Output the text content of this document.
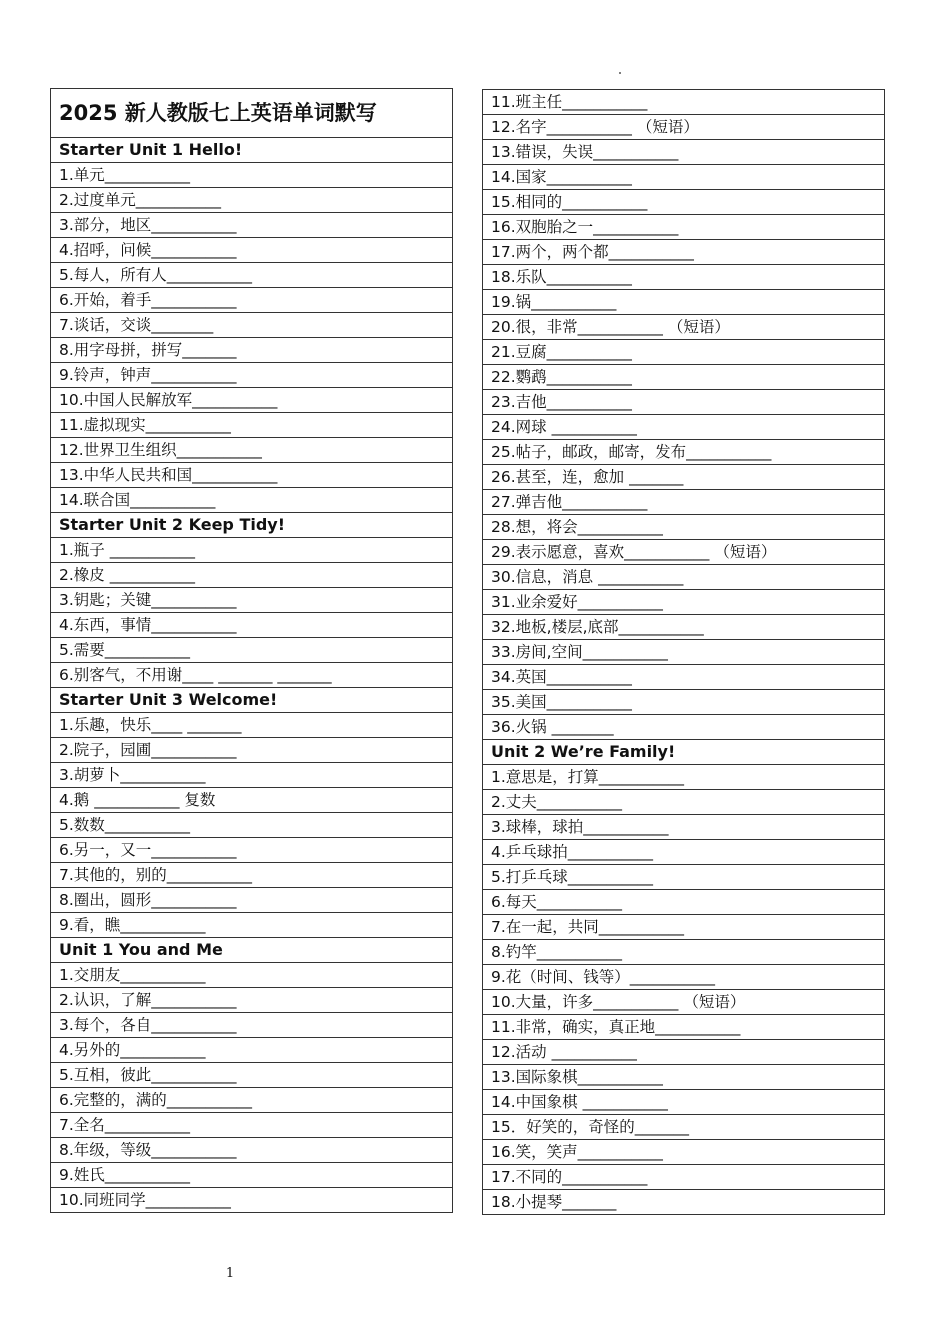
2025 新人教版七上英语单词默写
Starter Unit 1 Hello!
1.单元___________
2.过度单元___________
3.部分，地区___________
4.招呼，问候___________
5.每人，所有人___________
6.开始，着手___________
7.谈话，交谈________
8.用字母拼，拼写_______
9.铃声，钟声___________
10.中国人民解放军___________
11.虚拟现实___________
12.世界卫生组织___________
13.中华人民共和国___________
14.联合国___________
Starter Unit 2 Keep Tidy!
1.瓶子 ___________
2.橡皮 ___________
3.钥匙；关键___________
4.东西，事情___________
5.需要___________
6.别客气，不用谢____ _______ _______
Starter Unit 3 Welcome!
1.乐趣，快乐____ _______
2.院子，园圃___________
3.胡萝卜___________
4.鹅 ___________ 复数
5.数数___________
6.另一，又一___________
7.其他的，别的___________
8.圈出，圆形___________
9.看，瞧___________
Unit 1 You and Me
1.交朋友___________
2.认识，了解___________
3.每个，各自___________
4.另外的___________
5.互相，彼此___________
6.完整的，满的___________
7.全名___________
8.年级，等级___________
9.姓氏___________
10.同班同学___________
11.班主任___________
12.名字___________ （短语）
13.错误，失误___________
14.国家___________
15.相同的___________
16.双胞胎之一___________
17.两个，两个都___________
18.乐队___________
19.锅___________
20.很，非常___________ （短语）
21.豆腐___________
22.鹦鹉___________
23.吉他___________
24.网球 ___________
25.帖子，邮政，邮寄，发布___________
26.甚至，连，愈加 _______
27.弹吉他___________
28.想，将会___________
29.表示愿意，喜欢___________ （短语）
30.信息，消息 ___________
31.业余爱好___________
32.地板,楼层,底部___________
33.房间,空间___________
34.英国___________
35.美国___________
36.火锅 ________
Unit 2 We’re Family!
1.意思是，打算___________
2.丈夫___________
3.球棒，球拍___________
4.乒乓球拍___________
5.打乒乓球___________
6.每天___________
7.在一起，共同___________
8.钓竿___________
9.花（时间、钱等）___________
10.大量，许多___________ （短语）
11.非常，确实，真正地___________
12.活动 ___________
13.国际象棋___________
14.中国象棋 ___________
15．好笑的，奇怪的_______
16.笑，笑声___________
17.不同的___________
18.小提琴_______
1
